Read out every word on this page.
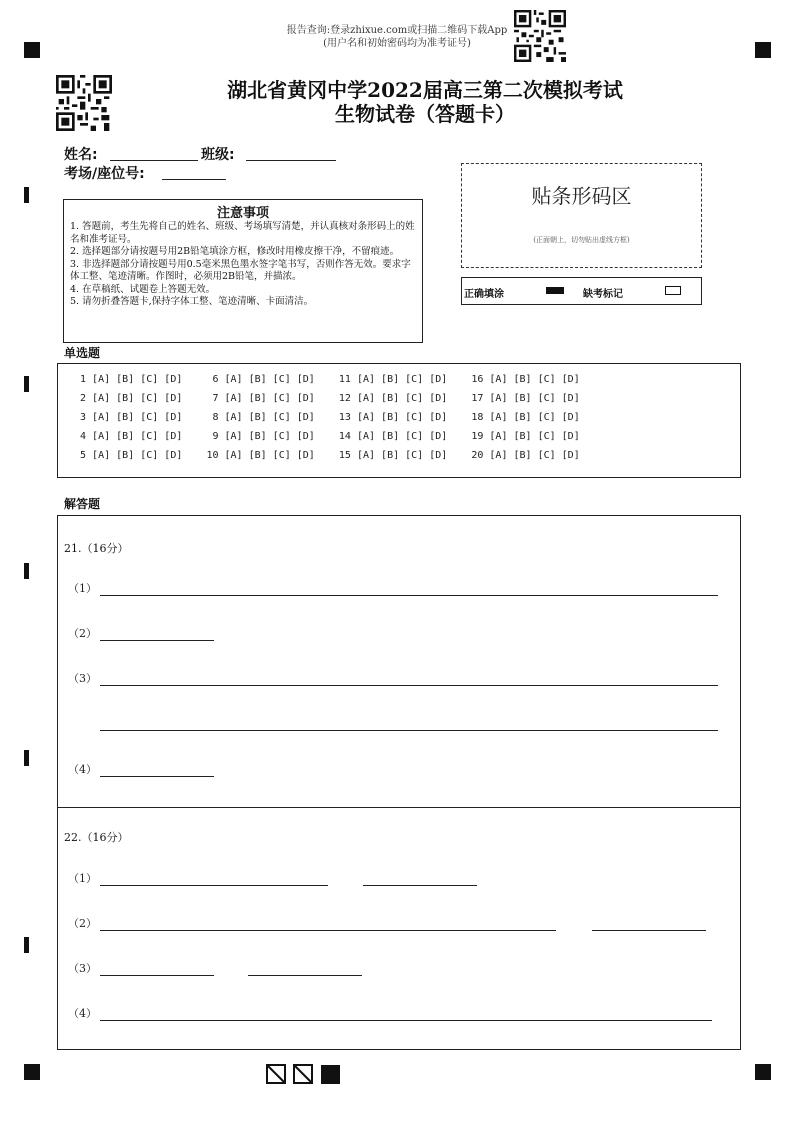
报告查询:登录zhixue.com或扫描二维码下载App
(用户名和初始密码均为准考证号)
湖北省黄冈中学2022届高三第二次模拟考试
生物试卷（答题卡）
姓名:	班级:
考场/座位号:
注意事项
1. 答题前，考生先将自己的姓名、班级、考场填写清楚，并认真核对条形码上的姓名和准考证号。
2. 选择题部分请按题号用2B铅笔填涂方框，修改时用橡皮擦干净，不留痕迹。
3. 非选择题部分请按题号用0.5毫米黑色墨水签字笔书写，否则作答无效。要求字体工整、笔迹清晰。作图时，必须用2B铅笔，并描浓。
4. 在草稿纸、试题卷上答题无效。
5. 请勿折叠答题卡,保持字体工整、笔迹清晰、卡面清洁。
贴条形码区
(正面朝上，切勿贴出虚线方框)
正确填涂	缺考标记
单选题
1 [A] [B] [C] [D]     6 [A] [B] [C] [D]    11 [A] [B] [C] [D]    16 [A] [B] [C] [D]
2 [A] [B] [C] [D]     7 [A] [B] [C] [D]    12 [A] [B] [C] [D]    17 [A] [B] [C] [D]
3 [A] [B] [C] [D]     8 [A] [B] [C] [D]    13 [A] [B] [C] [D]    18 [A] [B] [C] [D]
4 [A] [B] [C] [D]     9 [A] [B] [C] [D]    14 [A] [B] [C] [D]    19 [A] [B] [C] [D]
5 [A] [B] [C] [D]    10 [A] [B] [C] [D]    15 [A] [B] [C] [D]    20 [A] [B] [C] [D]
解答题
21.（16分）
（1）
（2）
（3）
（4）
22.（16分）
（1）
（2）
（3）
（4）
